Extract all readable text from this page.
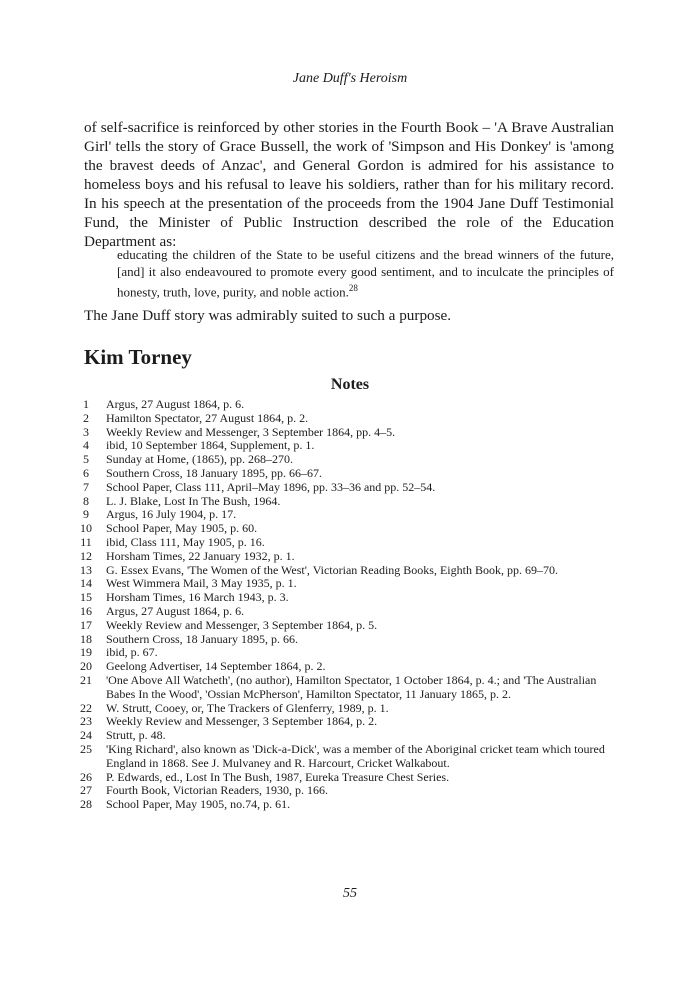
Jane Duff's Heroism

of self-sacrifice is reinforced by other stories in the Fourth Book – 'A Brave Australian Girl' tells the story of Grace Bussell, the work of 'Simpson and His Donkey' is 'among the bravest deeds of Anzac', and General Gordon is admired for his assistance to homeless boys and his refusal to leave his soldiers, rather than for his military record. In his speech at the presentation of the proceeds from the 1904 Jane Duff Testimonial Fund, the Minister of Public Instruction described the role of the Education Department as:

educating the children of the State to be useful citizens and the bread winners of the future, [and] it also endeavoured to promote every good sentiment, and to inculcate the principles of honesty, truth, love, purity, and noble action.$^{28}$

The Jane Duff story was admirably suited to such a purpose.

Kim Torney
Notes
1	Argus, 27 August 1864, p. 6.
2	Hamilton Spectator, 27 August 1864, p. 2.
3	Weekly Review and Messenger, 3 September 1864, pp. 4–5.
4	ibid, 10 September 1864, Supplement, p. 1.
5	Sunday at Home, (1865), pp. 268–270.
6	Southern Cross, 18 January 1895, pp. 66–67.
7	School Paper, Class 111, April–May 1896, pp. 33–36 and pp. 52–54.
8	L. J. Blake, Lost In The Bush, 1964.
9	Argus, 16 July 1904, p. 17.
10 School Paper, May 1905, p. 60.
11 ibid, Class 111, May 1905, p. 16.
12 Horsham Times, 22 January 1932, p. 1.
13 G. Essex Evans, 'The Women of the West', Victorian Reading Books, Eighth Book, pp. 69–70.
14 West Wimmera Mail, 3 May 1935, p. 1.
15 Horsham Times, 16 March 1943, p. 3.
16 Argus, 27 August 1864, p. 6.
17 Weekly Review and Messenger, 3 September 1864, p. 5.
18 Southern Cross, 18 January 1895, p. 66.
19 ibid, p. 67.
20 Geelong Advertiser, 14 September 1864, p. 2.
21 'One Above All Watcheth', (no author), Hamilton Spectator, 1 October 1864, p. 4.; and 'The Australian Babes In the Wood', 'Ossian McPherson', Hamilton Spectator, 11 January 1865, p. 2.
22 W. Strutt, Cooey, or, The Trackers of Glenferry, 1989, p. 1.
23 Weekly Review and Messenger, 3 September 1864, p. 2.
24 Strutt, p. 48.
25 'King Richard', also known as 'Dick-a-Dick', was a member of the Aboriginal cricket team which toured England in 1868. See J. Mulvaney and R. Harcourt, Cricket Walkabout.
26 P. Edwards, ed., Lost In The Bush, 1987, Eureka Treasure Chest Series.
27 Fourth Book, Victorian Readers, 1930, p. 166.
28 School Paper, May 1905, no.74, p. 61.
55
